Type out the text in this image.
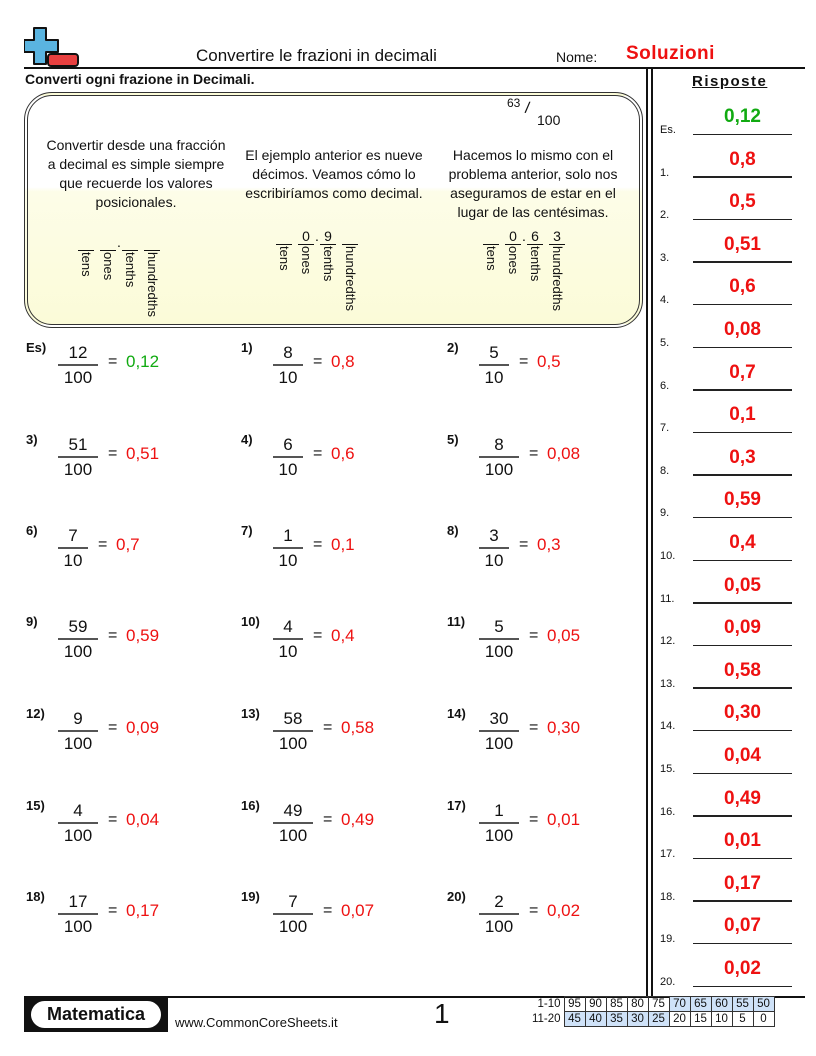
Convertire le frazioni in decimali	Nome: Soluzioni
Converti ogni frazione in Decimali.
Convertir desde una fracción a decimal es simple siempre que recuerde los valores posicionales.
El ejemplo anterior es nueve décimos. Veamos cómo lo escribiríamos como decimal.
Hacemos lo mismo con el problema anterior, solo nos aseguramos de estar en el lugar de las centésimas.
.
tens ones tenths hundredths
0 . 9
tens ones tenths hundredths
0 . 6 3
tens ones tenths hundredths
63 /
100
Es)	12
100
= 0,12
1)	8
10
= 0,8
2)	5
10
= 0,5
3)	51
100
= 0,51
4)	6
10
= 0,6
5)	8
100
= 0,08
6)	7
10
= 0,7
7)	1
10
= 0,1
8)	3
10
= 0,3
9)	59
100
= 0,59
10)	4
10
= 0,4
11)	5
100
= 0,05
12)	9
100
= 0,09
13)	58
100
= 0,58
14)	30
100
= 0,30
15)	4
100
= 0,04
16)	49
100
= 0,49
17)	1
100
= 0,01
18)	17
100
= 0,17
19)	7
100
= 0,07
20)	2
100
= 0,02
Risposte
Es.
0,12
1.
0,8
2.
0,5
3.
0,51
4.
0,6
5.
0,08
6.
0,7
7.
0,1
8.
0,3
9.
0,59
10.
0,4
11.
0,05
12.
0,09
13.
0,58
14.
0,30
15.
0,04
16.
0,49
17.
0,01
18.
0,17
19.
0,07
20.
0,02
Matematica	www.CommonCoreSheets.it	1	1-10	95	90	85	80	75	70	65	60	55	50
11-20	45	40	35	30	25	20	15	10	5	0
